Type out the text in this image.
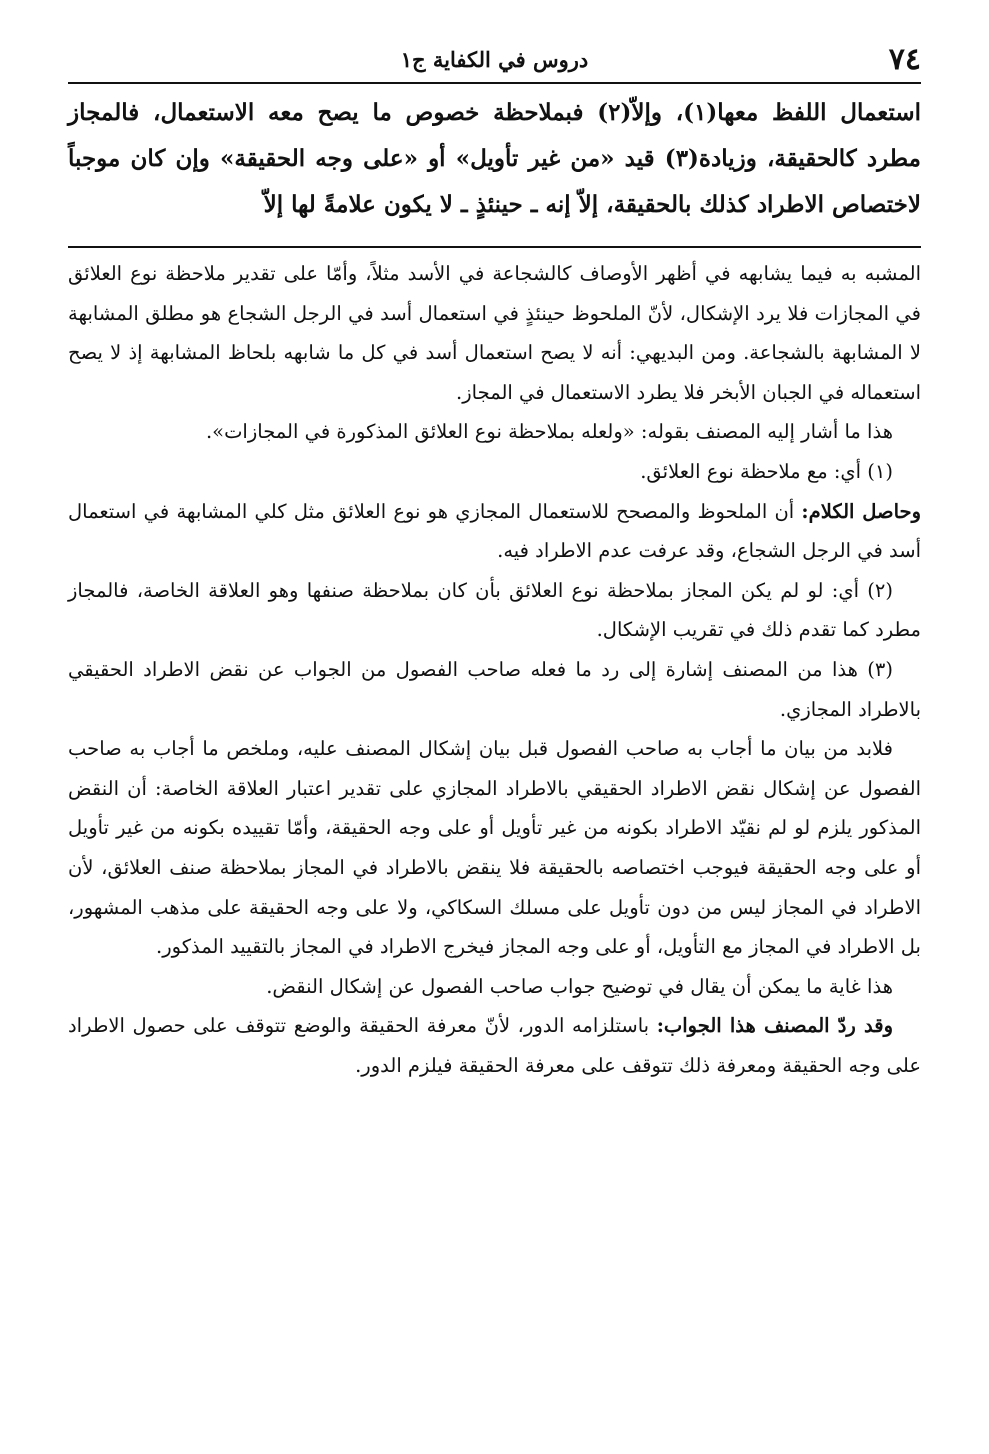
٧٤
دروس في الكفاية ج١
استعمال اللفظ معها(١)، وإلاّ(٢) فبملاحظة خصوص ما يصح معه الاستعمال، فالمجاز مطرد كالحقيقة، وزيادة(٣) قيد «من غير تأويل» أو «على وجه الحقيقة» وإن كان موجباً لاختصاص الاطراد كذلك بالحقيقة، إلاّ إنه ـ حينئذٍ ـ لا يكون علامةً لها إلاّ

المشبه به فيما يشابهه في أظهر الأوصاف كالشجاعة في الأسد مثلاً، وأمّا على تقدير ملاحظة نوع العلائق في المجازات فلا يرد الإشكال، لأنّ الملحوظ حينئذٍ في استعمال أسد في الرجل الشجاع هو مطلق المشابهة لا المشابهة بالشجاعة. ومن البديهي: أنه لا يصح استعمال أسد في كل ما شابهه بلحاظ المشابهة إذ لا يصح استعماله في الجبان الأبخر فلا يطرد الاستعمال في المجاز.

هذا ما أشار إليه المصنف بقوله: «ولعله بملاحظة نوع العلائق المذكورة في المجازات».

(١) أي: مع ملاحظة نوع العلائق.

وحاصل الكلام: أن الملحوظ والمصحح للاستعمال المجازي هو نوع العلائق مثل كلي المشابهة في استعمال أسد في الرجل الشجاع، وقد عرفت عدم الاطراد فيه.

(٢) أي: لو لم يكن المجاز بملاحظة نوع العلائق بأن كان بملاحظة صنفها وهو العلاقة الخاصة، فالمجاز مطرد كما تقدم ذلك في تقريب الإشكال.

(٣) هذا من المصنف إشارة إلى رد ما فعله صاحب الفصول من الجواب عن نقض الاطراد الحقيقي بالاطراد المجازي.

فلابد من بيان ما أجاب به صاحب الفصول قبل بيان إشكال المصنف عليه، وملخص ما أجاب به صاحب الفصول عن إشكال نقض الاطراد الحقيقي بالاطراد المجازي على تقدير اعتبار العلاقة الخاصة: أن النقض المذكور يلزم لو لم نقيّد الاطراد بكونه من غير تأويل أو على وجه الحقيقة، وأمّا تقييده بكونه من غير تأويل أو على وجه الحقيقة فيوجب اختصاصه بالحقيقة فلا ينقض بالاطراد في المجاز بملاحظة صنف العلائق، لأن الاطراد في المجاز ليس من دون تأويل على مسلك السكاكي، ولا على وجه الحقيقة على مذهب المشهور، بل الاطراد في المجاز مع التأويل، أو على وجه المجاز فيخرج الاطراد في المجاز بالتقييد المذكور.

هذا غاية ما يمكن أن يقال في توضيح جواب صاحب الفصول عن إشكال النقض.

وقد ردّ المصنف هذا الجواب: باستلزامه الدور، لأنّ معرفة الحقيقة والوضع تتوقف على حصول الاطراد على وجه الحقيقة ومعرفة ذلك تتوقف على معرفة الحقيقة فيلزم الدور.
